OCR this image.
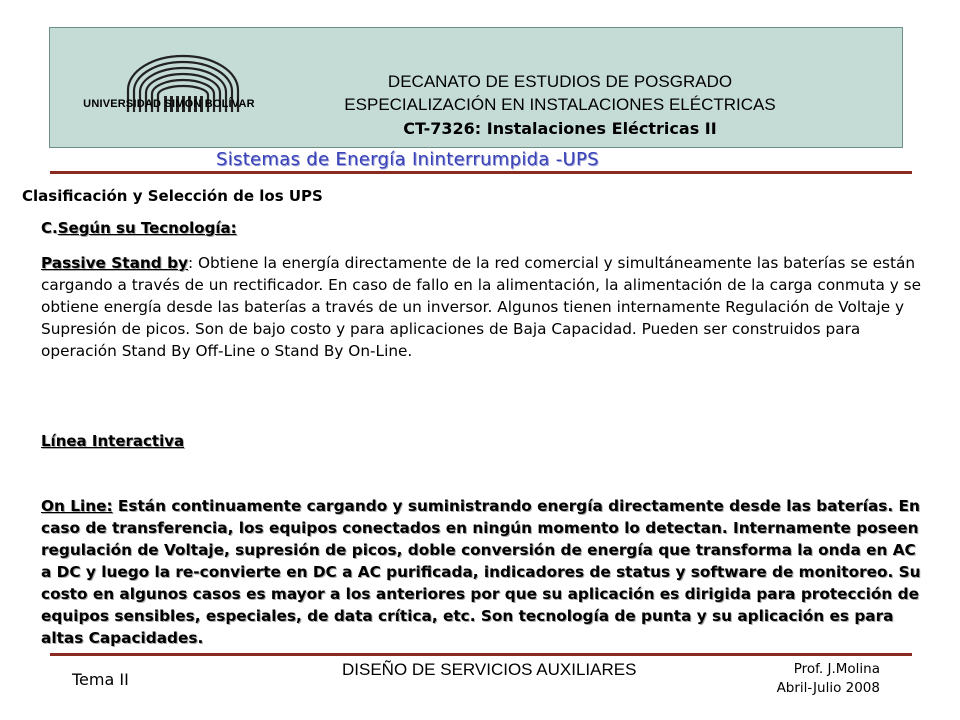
UNIVERSIDAD SIMÓN BOLÍVAR
DECANATO DE ESTUDIOS DE POSGRADO
ESPECIALIZACIÓN EN INSTALACIONES ELÉCTRICAS
CT-7326: Instalaciones Eléctricas II
Sistemas de Energía Ininterrumpida -UPS
Clasificación y Selección de los UPS
C.Según su Tecnología:
Passive Stand by: Obtiene la energía directamente de la red comercial y simultáneamente las baterías se están cargando a través de un rectificador. En caso de fallo en la alimentación, la alimentación de la carga conmuta y se obtiene energía desde las baterías a través de un inversor. Algunos tienen internamente Regulación de Voltaje y Supresión de picos. Son de bajo costo y para aplicaciones de Baja Capacidad. Pueden ser construidos para operación Stand By Off-Line o Stand By On-Line.
Línea Interactiva
On Line: Están continuamente cargando y suministrando energía directamente desde las baterías. En caso de transferencia, los equipos conectados en ningún momento lo detectan. Internamente poseen regulación de Voltaje, supresión de picos, doble conversión de energía que transforma la onda en AC a DC y luego la re-convierte en DC a AC purificada, indicadores de status y software de monitoreo. Su costo en algunos casos es mayor a los anteriores por que su aplicación es dirigida para protección de equipos sensibles, especiales, de data crítica, etc. Son tecnología de punta y su aplicación es para altas Capacidades.
Tema II
DISEÑO DE SERVICIOS AUXILIARES	Prof. J.Molina
Abril-Julio 2008
